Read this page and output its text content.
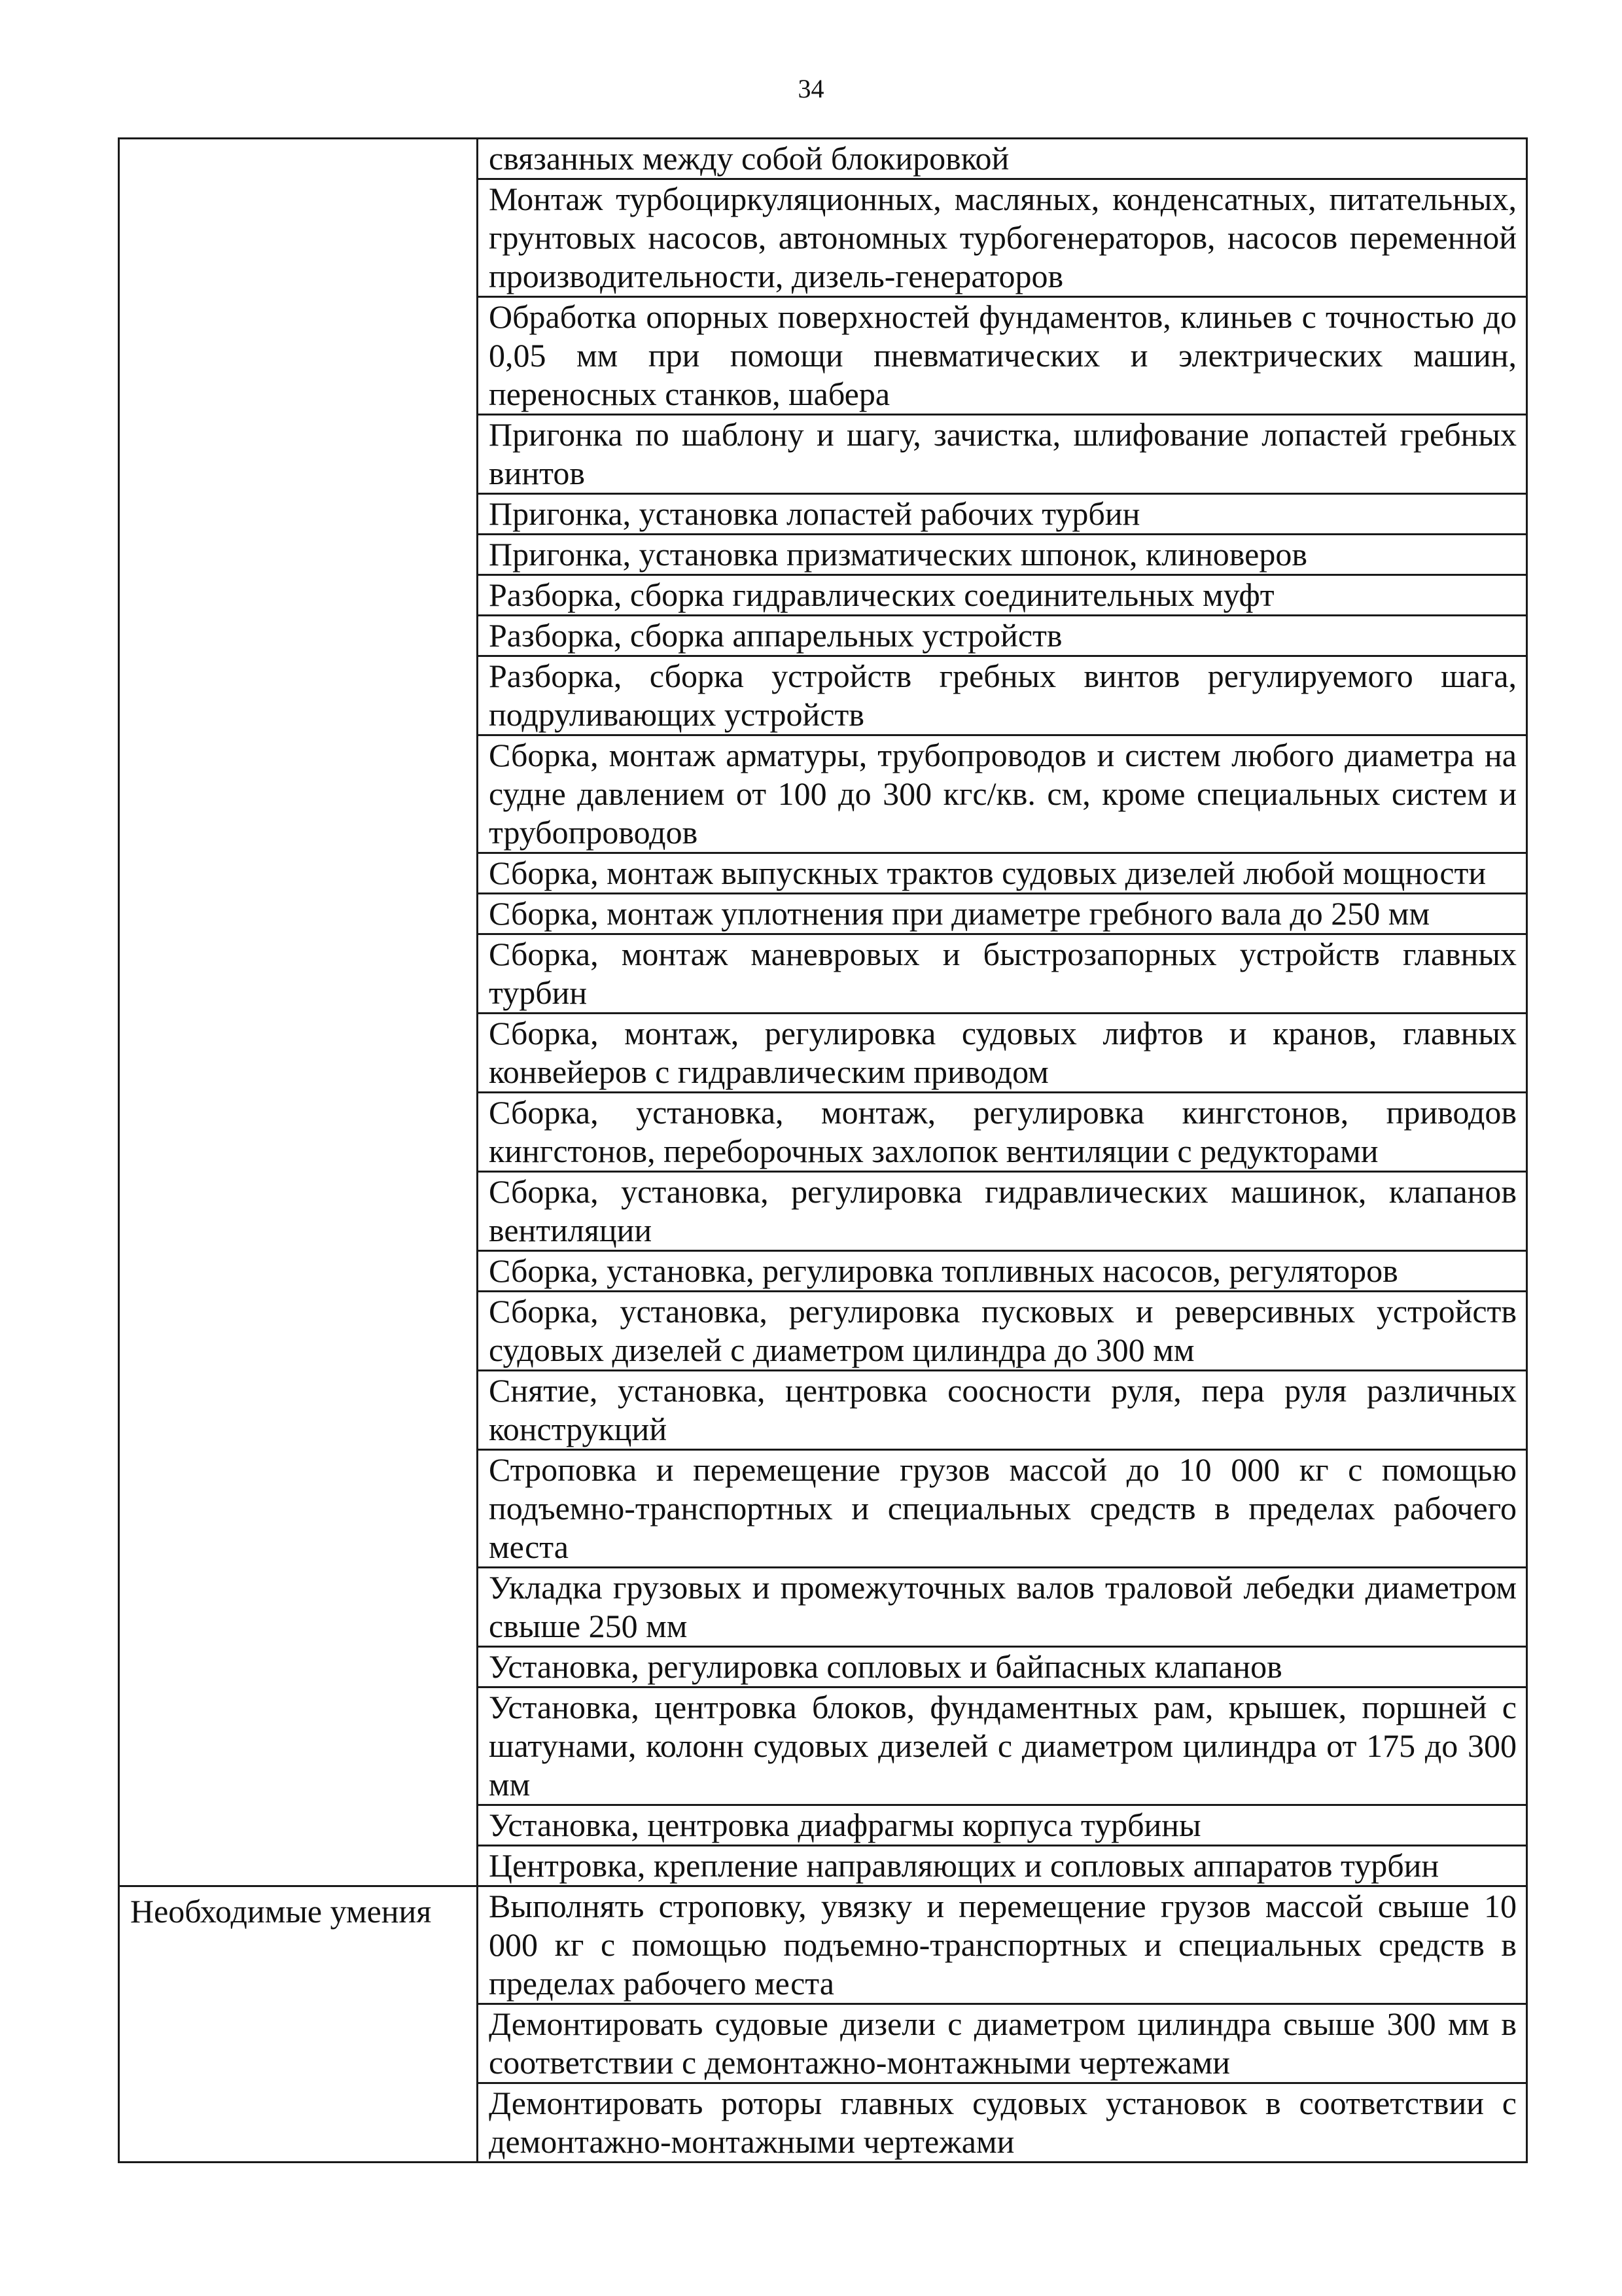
34
	связанных между собой блокировкой
	Монтаж турбоциркуляционных, масляных, конденсатных, питательных, грунтовых насосов, автономных турбогенераторов, насосов переменной производительности, дизель-генераторов
	Обработка опорных поверхностей фундаментов, клиньев с точностью до 0,05 мм при помощи пневматических и электрических машин, переносных станков, шабера
	Пригонка по шаблону и шагу, зачистка, шлифование лопастей гребных винтов
	Пригонка, установка лопастей рабочих турбин
	Пригонка, установка призматических шпонок, клиноверов
	Разборка, сборка гидравлических соединительных муфт
	Разборка, сборка аппарельных устройств
	Разборка, сборка устройств гребных винтов регулируемого шага, подруливающих устройств
	Сборка, монтаж арматуры, трубопроводов и систем любого диаметра на судне давлением от 100 до 300 кгс/кв. см, кроме специальных систем и трубопроводов
	Сборка, монтаж выпускных трактов судовых дизелей любой мощности
	Сборка, монтаж уплотнения при диаметре гребного вала до 250 мм
	Сборка, монтаж маневровых и быстрозапорных устройств главных турбин
	Сборка, монтаж, регулировка судовых лифтов и кранов, главных конвейеров с гидравлическим приводом
	Сборка, установка, монтаж, регулировка кингстонов, приводов кингстонов, переборочных захлопок вентиляции с редукторами
	Сборка, установка, регулировка гидравлических машинок, клапанов вентиляции
	Сборка, установка, регулировка топливных насосов, регуляторов
	Сборка, установка, регулировка пусковых и реверсивных устройств судовых дизелей с диаметром цилиндра до 300 мм
	Снятие, установка, центровка соосности руля, пера руля различных конструкций
	Строповка и перемещение грузов массой до 10 000 кг с помощью подъемно-транспортных и специальных средств в пределах рабочего места
	Укладка грузовых и промежуточных валов траловой лебедки диаметром свыше 250 мм
	Установка, регулировка сопловых и байпасных клапанов
	Установка, центровка блоков, фундаментных рам, крышек, поршней с шатунами, колонн судовых дизелей с диаметром цилиндра от 175 до 300 мм
	Установка, центровка диафрагмы корпуса турбины
	Центровка, крепление направляющих и сопловых аппаратов турбин
Необходимые умения	Выполнять строповку, увязку и перемещение грузов массой свыше 10 000 кг с помощью подъемно-транспортных и специальных средств в пределах рабочего места
	Демонтировать судовые дизели с диаметром цилиндра свыше 300 мм в соответствии с демонтажно-монтажными чертежами
	Демонтировать роторы главных судовых установок в соответствии с демонтажно-монтажными чертежами
